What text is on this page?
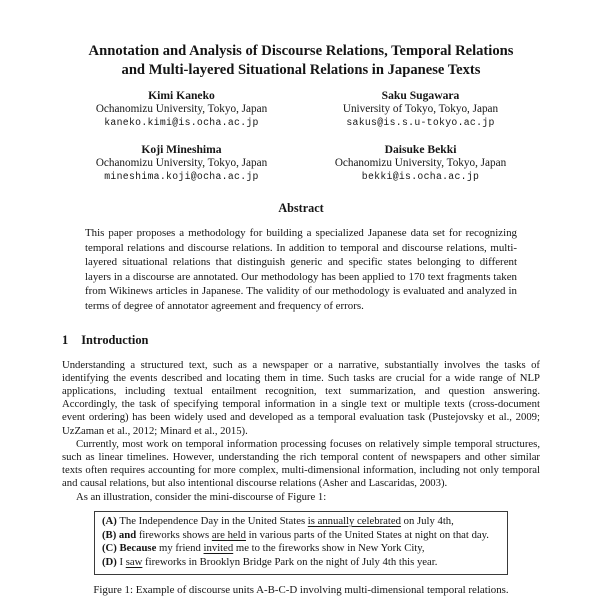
Annotation and Analysis of Discourse Relations, Temporal Relations
and Multi-layered Situational Relations in Japanese Texts
Kimi Kaneko
Ochanomizu University, Tokyo, Japan
kaneko.kimi@is.ocha.ac.jp
Saku Sugawara
University of Tokyo, Tokyo, Japan
sakus@is.s.u-tokyo.ac.jp
Koji Mineshima
Ochanomizu University, Tokyo, Japan
mineshima.koji@ocha.ac.jp
Daisuke Bekki
Ochanomizu University, Tokyo, Japan
bekki@is.ocha.ac.jp
Abstract

This paper proposes a methodology for building a specialized Japanese data set for recognizing temporal relations and discourse relations. In addition to temporal and discourse relations, multi-layered situational relations that distinguish generic and specific states belonging to different layers in a discourse are annotated. Our methodology has been applied to 170 text fragments taken from Wikinews articles in Japanese. The validity of our methodology is evaluated and analyzed in terms of degree of annotator agreement and frequency of errors.

1 Introduction

Understanding a structured text, such as a newspaper or a narrative, substantially involves the tasks of identifying the events described and locating them in time. Such tasks are crucial for a wide range of NLP applications, including textual entailment recognition, text summarization, and question answering. Accordingly, the task of specifying temporal information in a single text or multiple texts (cross-document event ordering) has been widely used and developed as a temporal evaluation task (Pustejovsky et al., 2009; UzZaman et al., 2012; Minard et al., 2015).

Currently, most work on temporal information processing focuses on relatively simple temporal structures, such as linear timelines. However, understanding the rich temporal content of newspapers and other similar texts often requires accounting for more complex, multi-dimensional information, including not only temporal and causal relations, but also intentional discourse relations (Asher and Lascaridas, 2003).

As an illustration, consider the mini-discourse of Figure 1:

(A) The Independence Day in the United States is annually celebrated on July 4th,
(B) and fireworks shows are held in various parts of the United States at night on that day.
(C) Because my friend invited me to the fireworks show in New York City,
(D) I saw fireworks in Brooklyn Bridge Park on the night of July 4th this year.
Figure 1: Example of discourse units A-B-C-D involving multi-dimensional temporal relations.
